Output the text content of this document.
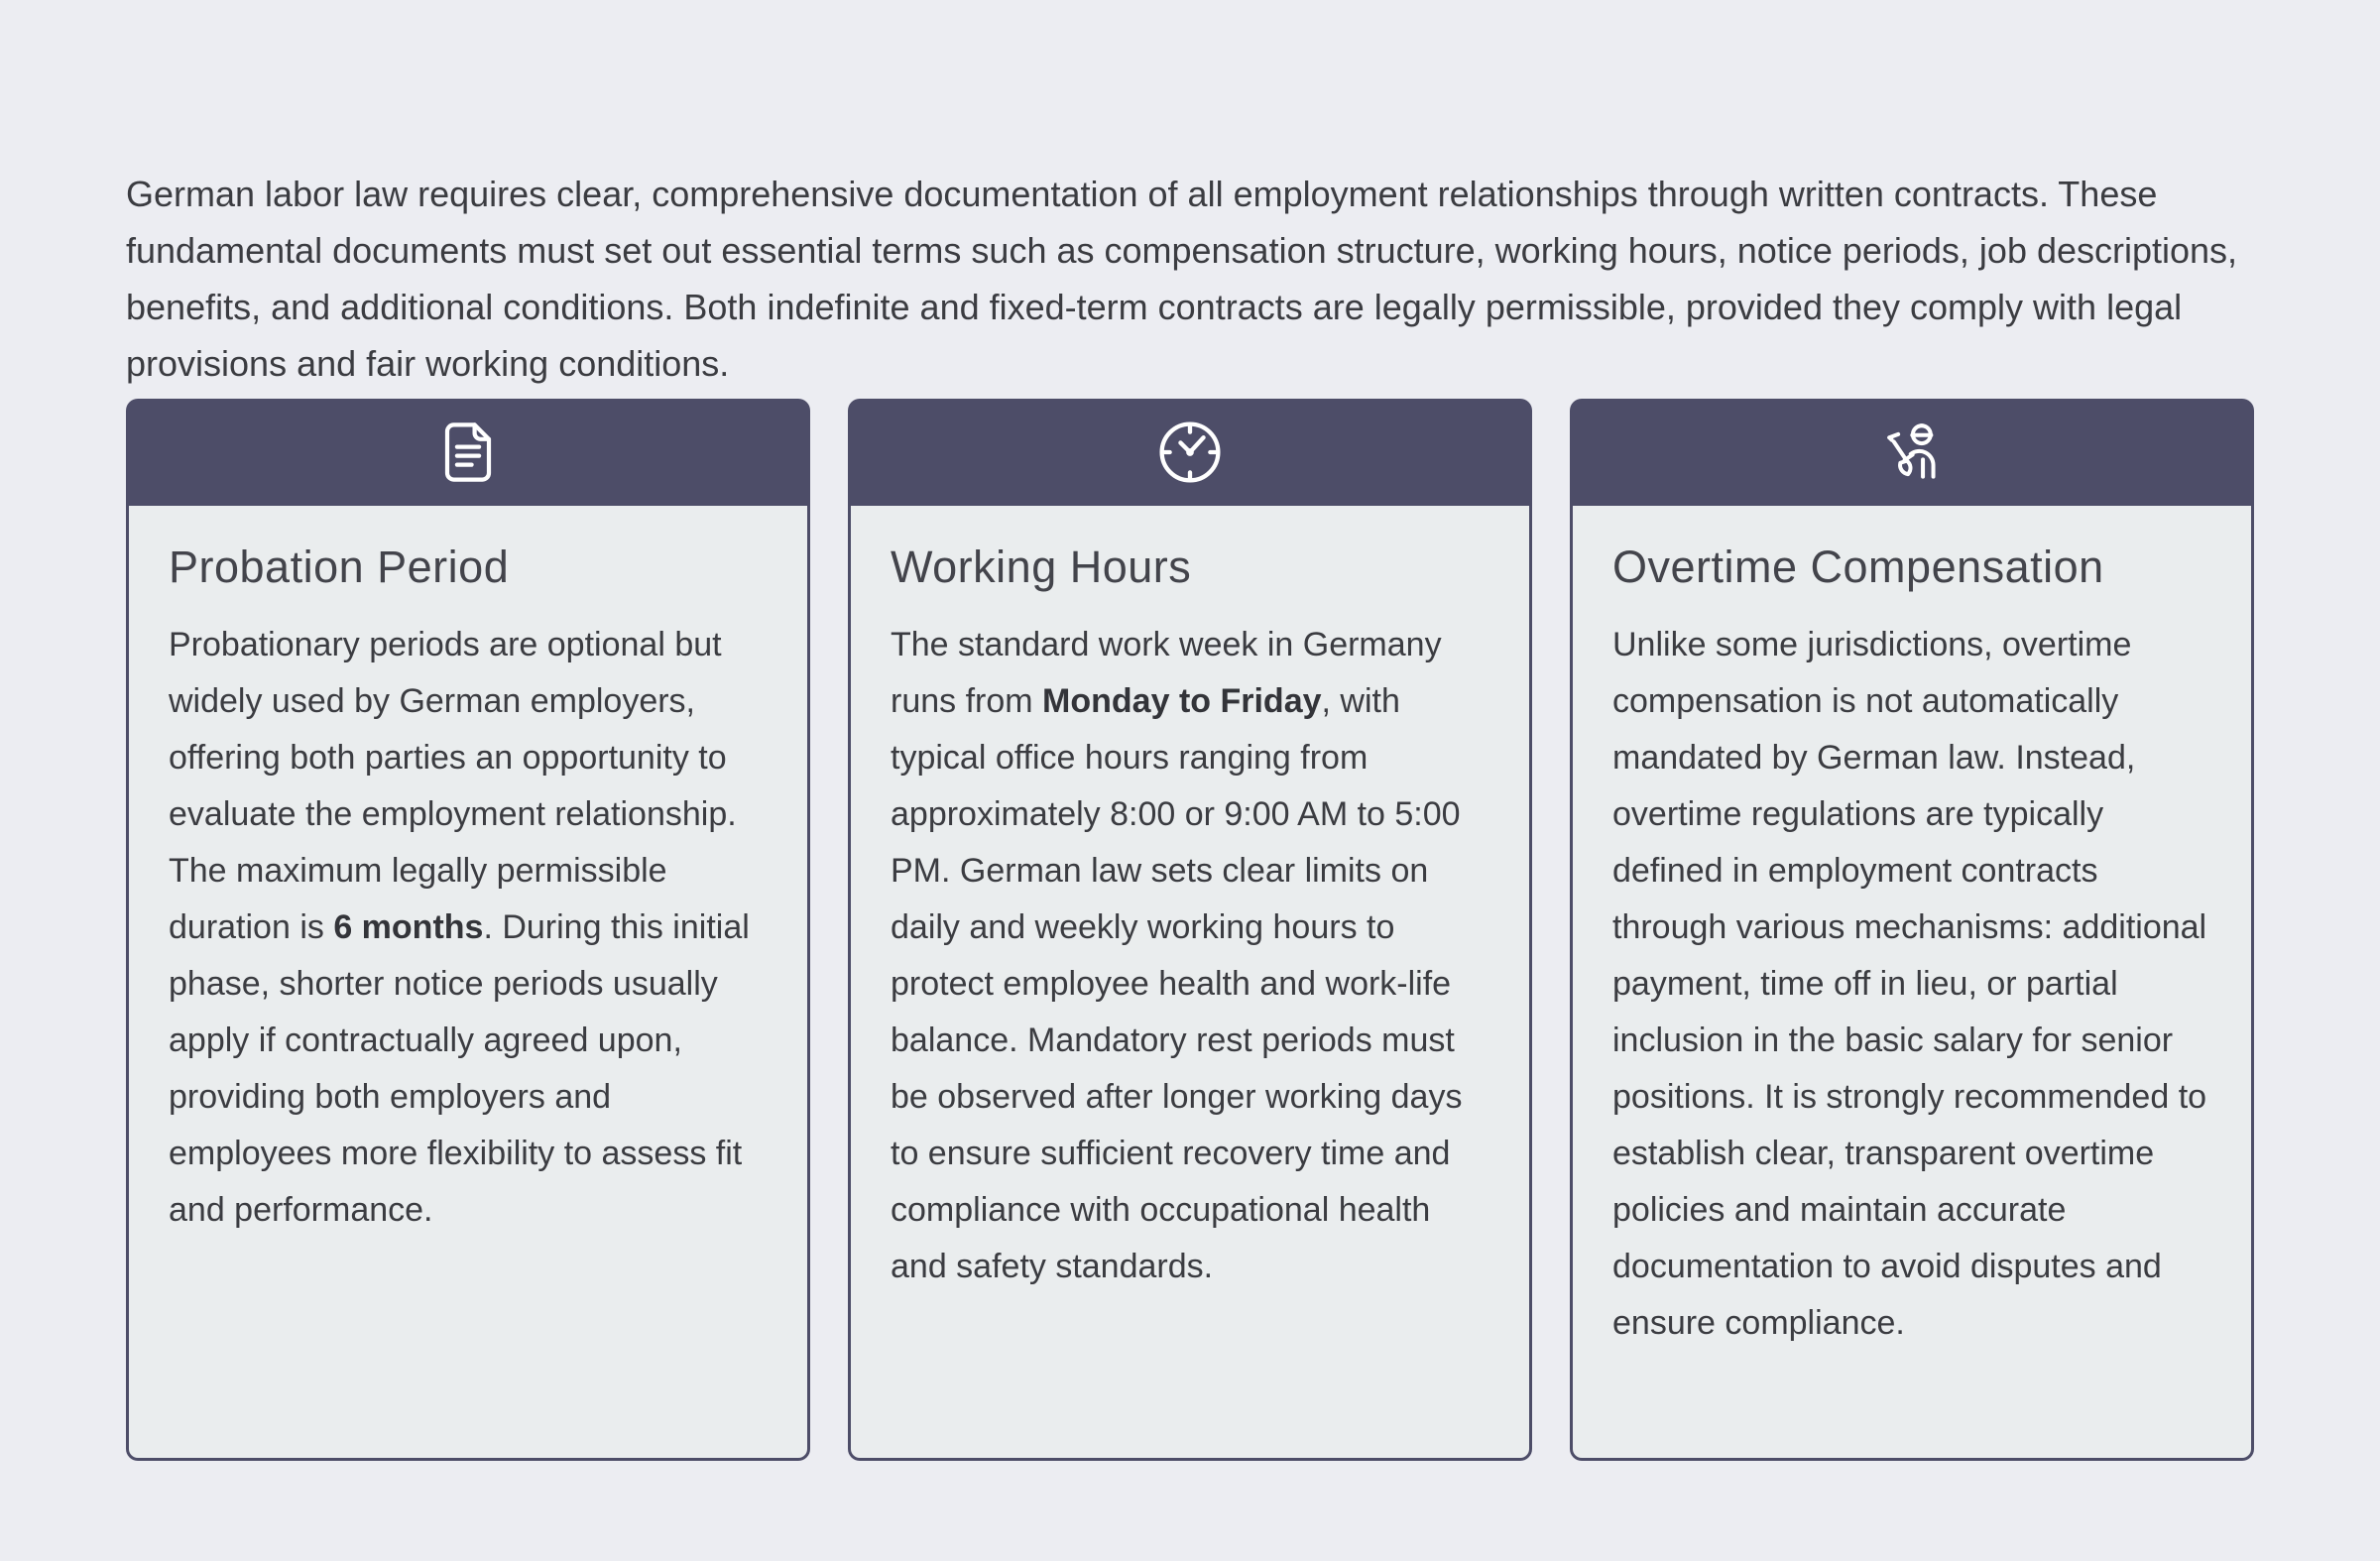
German labor law requires clear, comprehensive documentation of all employment relationships through written contracts. These fundamental documents must set out essential terms such as compensation structure, working hours, notice periods, job descriptions, benefits, and additional conditions. Both indefinite and fixed-term contracts are legally permissible, provided they comply with legal provisions and fair working conditions.

Probation Period

Probationary periods are optional but widely used by German employers, offering both parties an opportunity to evaluate the employment relationship. The maximum legally permissible duration is 6 months. During this initial phase, shorter notice periods usually apply if contractually agreed upon, providing both employers and employees more flexibility to assess fit and performance.

Working Hours

The standard work week in Germany runs from Monday to Friday, with typical office hours ranging from approximately 8:00 or 9:00 AM to 5:00 PM. German law sets clear limits on daily and weekly working hours to protect employee health and work-life balance. Mandatory rest periods must be observed after longer working days to ensure sufficient recovery time and compliance with occupational health and safety standards.

Overtime Compensation

Unlike some jurisdictions, overtime compensation is not automatically mandated by German law. Instead, overtime regulations are typically defined in employment contracts through various mechanisms: additional payment, time off in lieu, or partial inclusion in the basic salary for senior positions. It is strongly recommended to establish clear, transparent overtime policies and maintain accurate documentation to avoid disputes and ensure compliance.
